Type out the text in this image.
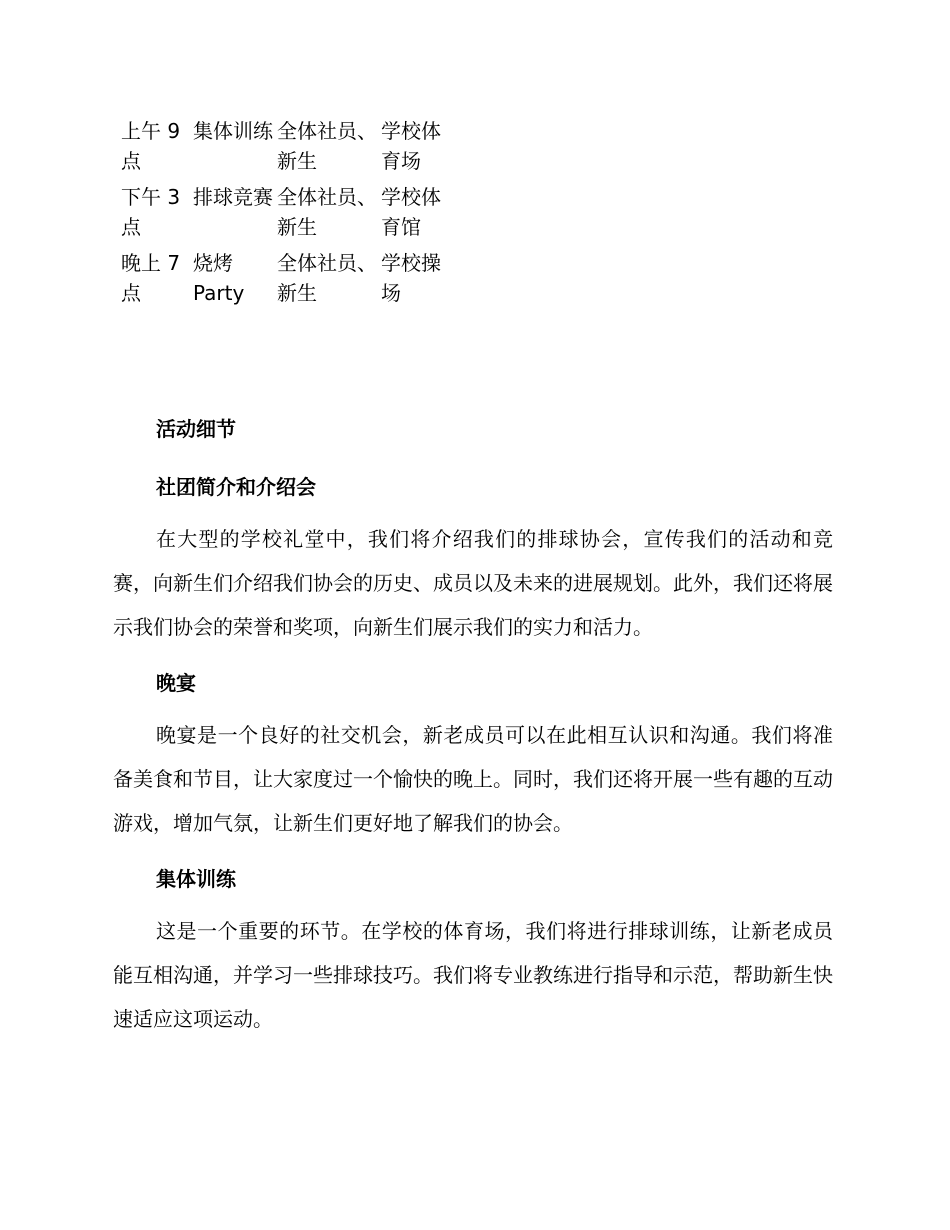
上午 9 点	集体训练	全体社员、新生	学校体育场

下午 3 点	排球竞赛	全体社员、新生	学校体育馆

晚上 7 点	烧烤Party	全体社员、新生	学校操场
活动细节
社团简介和介绍会

在大型的学校礼堂中，我们将介绍我们的排球协会，宣传我们的活动和竞赛，向新生们介绍我们协会的历史、成员以及未来的进展规划。此外，我们还将展示我们协会的荣誉和奖项，向新生们展示我们的实力和活力。

晚宴

晚宴是一个良好的社交机会，新老成员可以在此相互认识和沟通。我们将准备美食和节目，让大家度过一个愉快的晚上。同时，我们还将开展一些有趣的互动游戏，增加气氛，让新生们更好地了解我们的协会。

集体训练

这是一个重要的环节。在学校的体育场，我们将进行排球训练，让新老成员能互相沟通，并学习一些排球技巧。我们将专业教练进行指导和示范，帮助新生快速适应这项运动。
